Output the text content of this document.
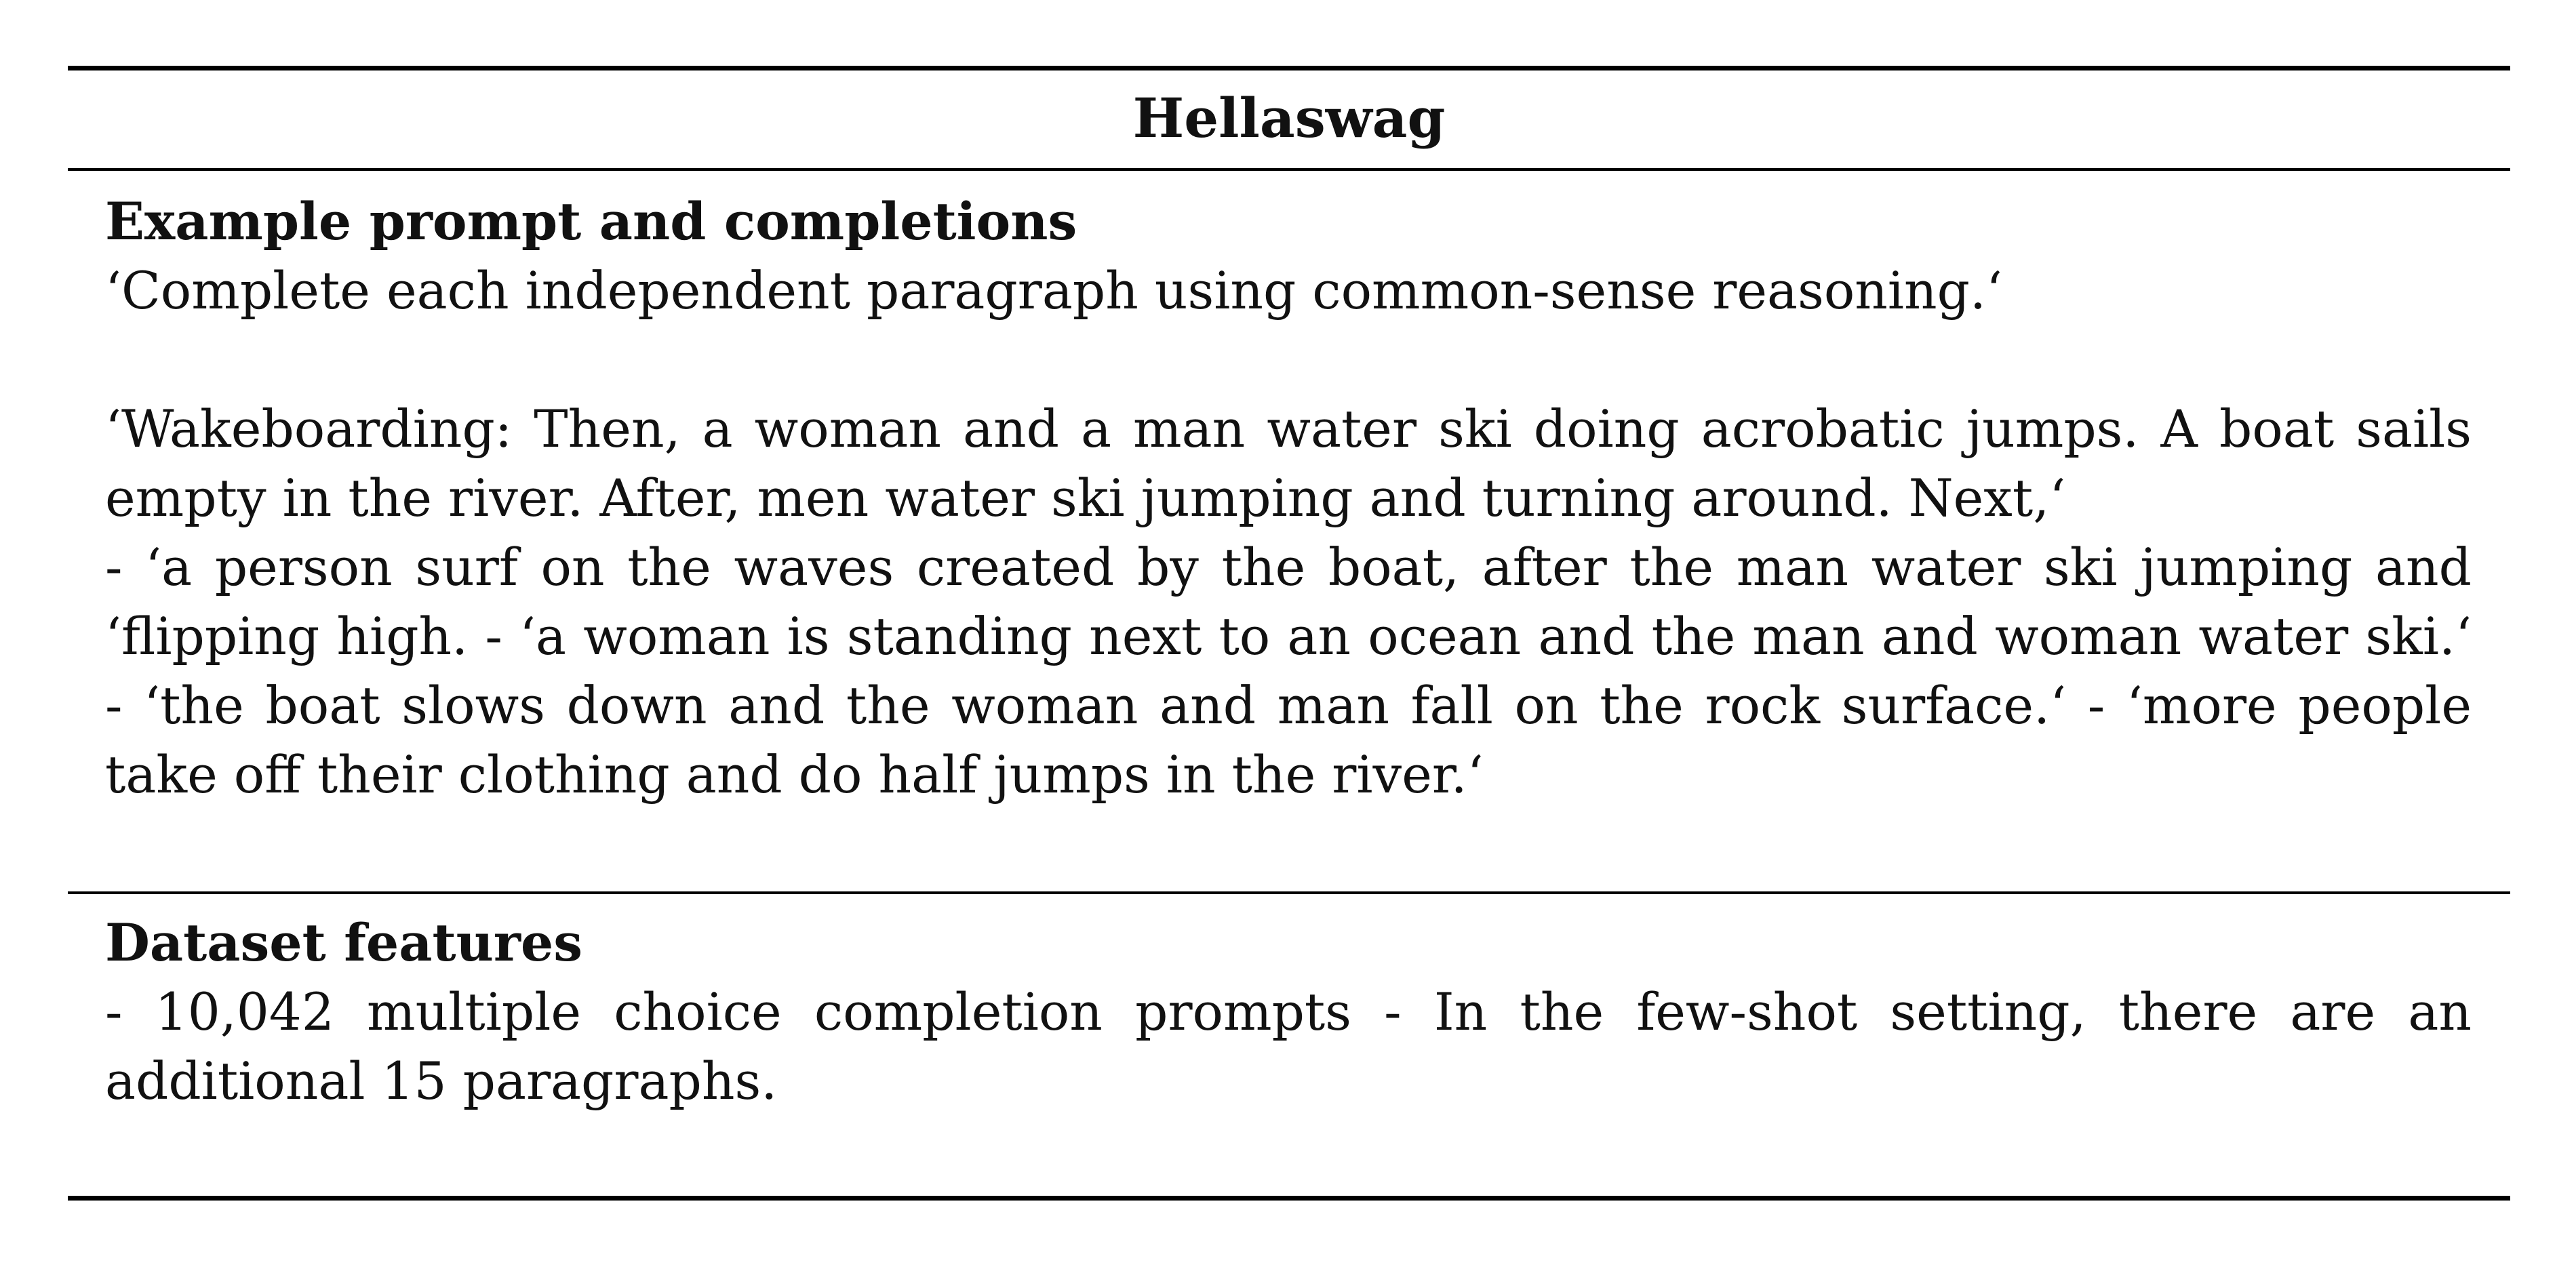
Hellaswag

Example prompt and completions

‘Complete each independent paragraph using common-sense reasoning.‘

‘Wakeboarding: Then, a woman and a man water ski doing acrobatic jumps. A boat sails empty in the river. After, men water ski jumping and turning around. Next,‘

- ‘a person surf on the waves created by the boat, after the man water ski jumping and ‘flipping high. - ‘a woman is standing next to an ocean and the man and woman water ski.‘ - ‘the boat slows down and the woman and man fall on the rock surface.‘ - ‘more people take off their clothing and do half jumps in the river.‘

Dataset features

- 10,042 multiple choice completion prompts - In the few-shot setting, there are an additional 15 paragraphs.
